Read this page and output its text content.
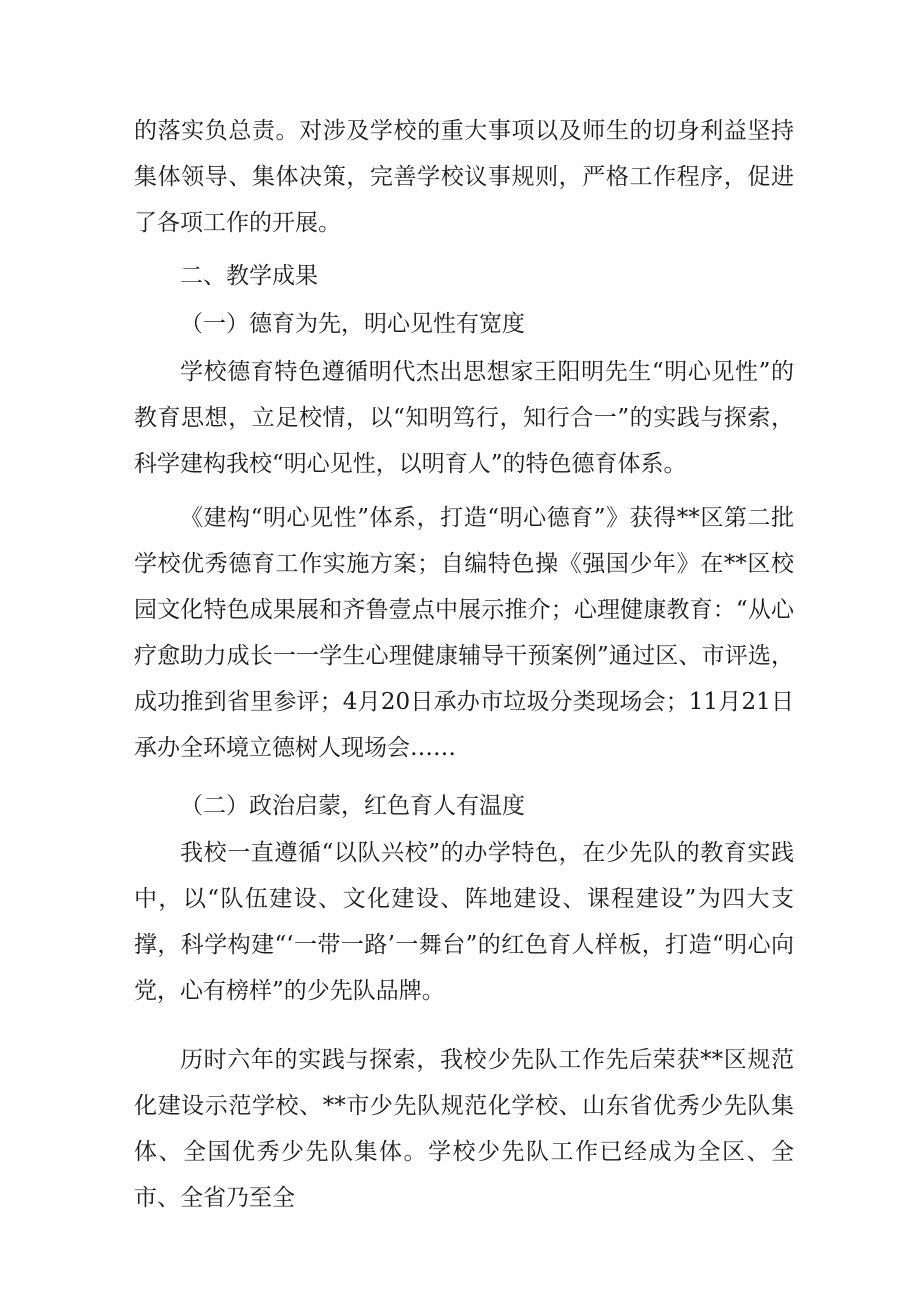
的落实负总责。对涉及学校的重大事项以及师生的切身利益坚持集体领导、集体决策，完善学校议事规则，严格工作程序，促进了各项工作的开展。

二、教学成果

（一）德育为先，明心见性有宽度

学校德育特色遵循明代杰出思想家王阳明先生“明心见性”的教育思想，立足校情，以“知明笃行，知行合一”的实践与探索，科学建构我校“明心见性，以明育人”的特色德育体系。

《建构“明心见性”体系，打造“明心德育”》获得**区第二批学校优秀德育工作实施方案；自编特色操《强国少年》在**区校园文化特色成果展和齐鲁壹点中展示推介；心理健康教育：“从心疗愈助力成长一一学生心理健康辅导干预案例”通过区、市评选，成功推到省里参评；4月20日承办市垃圾分类现场会；11月21日承办全环境立德树人现场会……

（二）政治启蒙，红色育人有温度

我校一直遵循“以队兴校”的办学特色，在少先队的教育实践中，以“队伍建设、文化建设、阵地建设、课程建设”为四大支撑，科学构建“‘一带一路’一舞台”的红色育人样板，打造“明心向党，心有榜样”的少先队品牌。

历时六年的实践与探索，我校少先队工作先后荣获**区规范化建设示范学校、**市少先队规范化学校、山东省优秀少先队集体、全国优秀少先队集体。学校少先队工作已经成为全区、全市、全省乃至全
